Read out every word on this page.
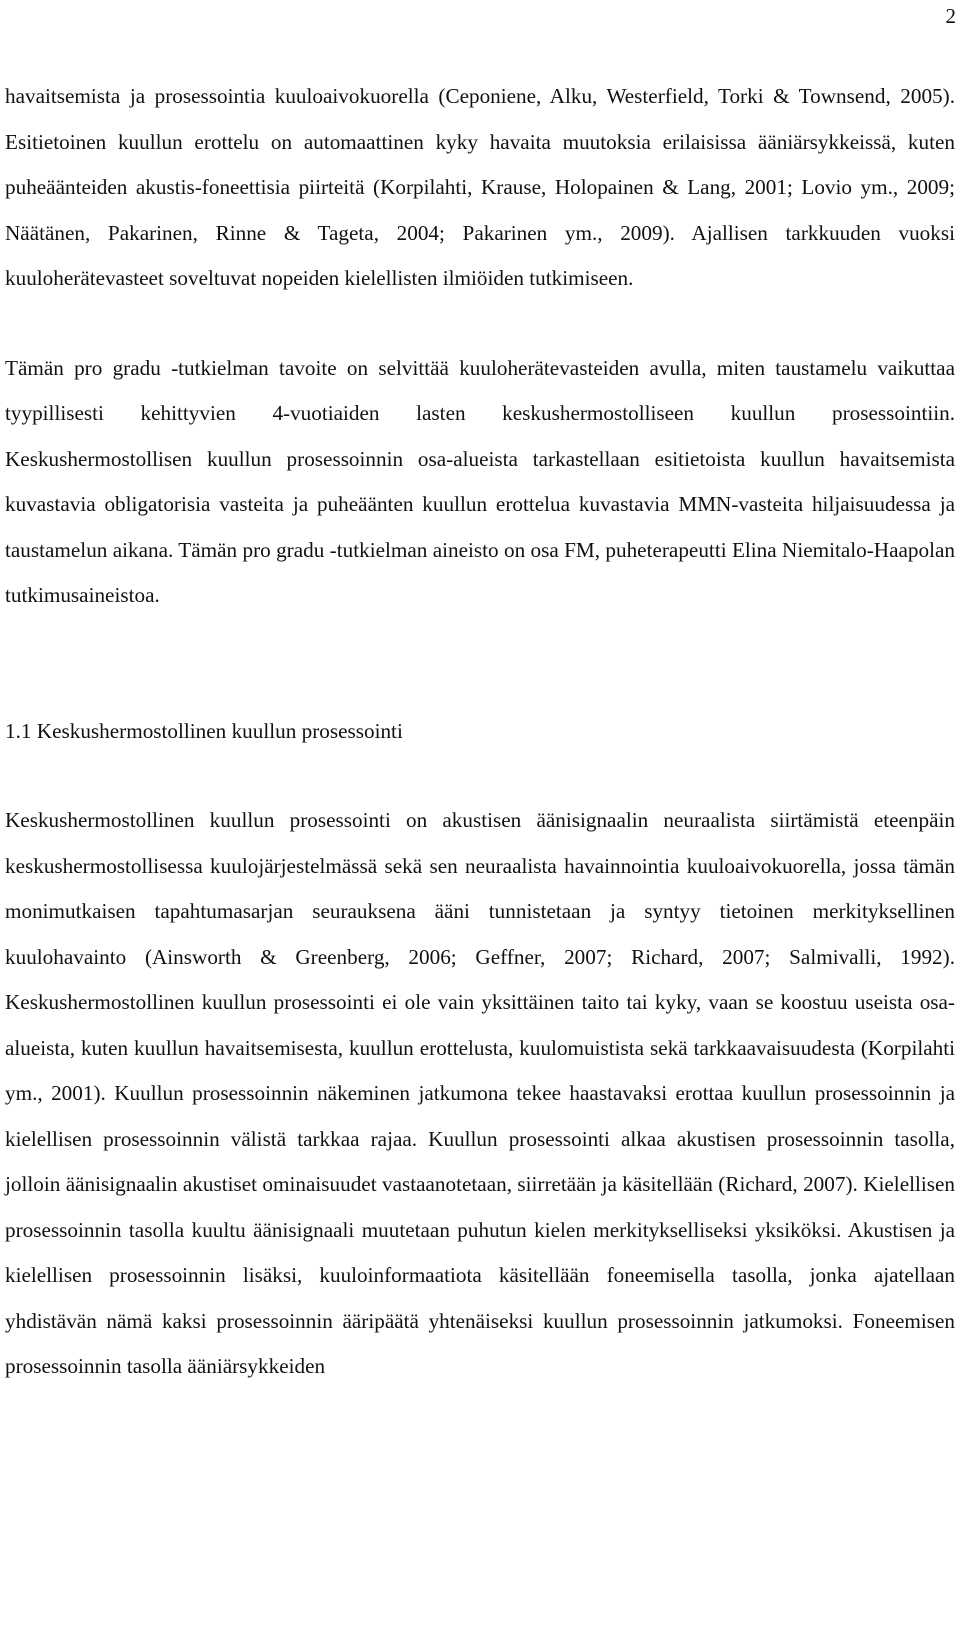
2

havaitsemista ja prosessointia kuuloaivokuorella (Ceponiene, Alku, Westerfield, Torki & Townsend, 2005). Esitietoinen kuullun erottelu on automaattinen kyky havaita muutoksia erilaisissa ääniärsykkeissä, kuten puheäänteiden akustis-foneettisia piirteitä (Korpilahti, Krause, Holopainen & Lang, 2001; Lovio ym., 2009; Näätänen, Pakarinen, Rinne & Tageta, 2004; Pakarinen ym., 2009). Ajallisen tarkkuuden vuoksi kuuloherätevasteet soveltuvat nopeiden kielellisten ilmiöiden tutkimiseen.

Tämän pro gradu -tutkielman tavoite on selvittää kuuloherätevasteiden avulla, miten taustamelu vaikuttaa tyypillisesti kehittyvien 4-vuotiaiden lasten keskushermostolliseen kuullun prosessointiin. Keskushermostollisen kuullun prosessoinnin osa-alueista tarkastellaan esitietoista kuullun havaitsemista kuvastavia obligatorisia vasteita ja puheäänten kuullun erottelua kuvastavia MMN-vasteita hiljaisuudessa ja taustamelun aikana. Tämän pro gradu -tutkielman aineisto on osa FM, puheterapeutti Elina Niemitalo-Haapolan tutkimusaineistoa.

1.1 Keskushermostollinen kuullun prosessointi

Keskushermostollinen kuullun prosessointi on akustisen äänisignaalin neuraalista siirtämistä eteenpäin keskushermostollisessa kuulojärjestelmässä sekä sen neuraalista havainnointia kuuloaivokuorella, jossa tämän monimutkaisen tapahtumasarjan seurauksena ääni tunnistetaan ja syntyy tietoinen merkityksellinen kuulohavainto (Ainsworth & Greenberg, 2006; Geffner, 2007; Richard, 2007; Salmivalli, 1992). Keskushermostollinen kuullun prosessointi ei ole vain yksittäinen taito tai kyky, vaan se koostuu useista osa-alueista, kuten kuullun havaitsemisesta, kuullun erottelusta, kuulomuistista sekä tarkkaavaisuudesta (Korpilahti ym., 2001). Kuullun prosessoinnin näkeminen jatkumona tekee haastavaksi erottaa kuullun prosessoinnin ja kielellisen prosessoinnin välistä tarkkaa rajaa. Kuullun prosessointi alkaa akustisen prosessoinnin tasolla, jolloin äänisignaalin akustiset ominaisuudet vastaanotetaan, siirretään ja käsitellään (Richard, 2007). Kielellisen prosessoinnin tasolla kuultu äänisignaali muutetaan puhutun kielen merkitykselliseksi yksiköksi. Akustisen ja kielellisen prosessoinnin lisäksi, kuuloinformaatiota käsitellään foneemisella tasolla, jonka ajatellaan yhdistävän nämä kaksi prosessoinnin ääripäätä yhtenäiseksi kuullun prosessoinnin jatkumoksi. Foneemisen prosessoinnin tasolla ääniärsykkeiden
